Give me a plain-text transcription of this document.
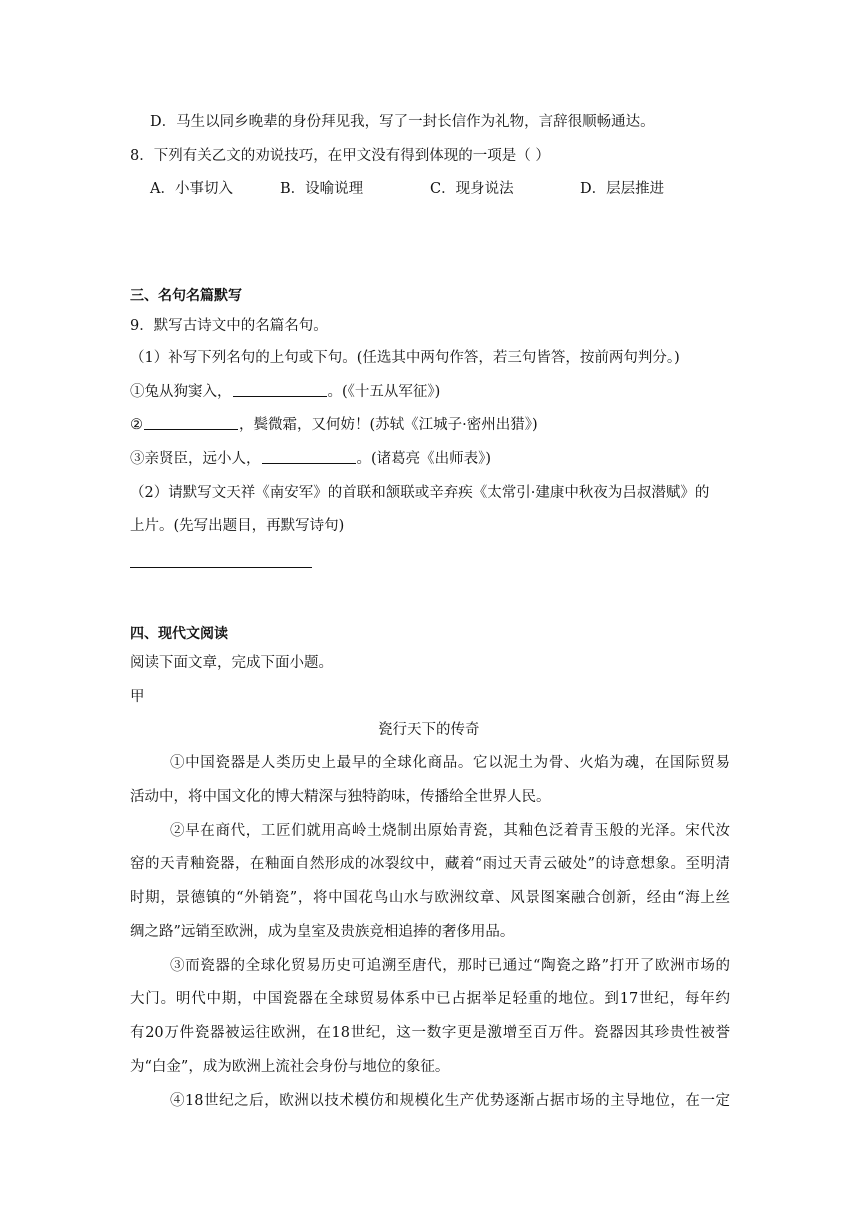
D．马生以同乡晚辈的身份拜见我，写了一封长信作为礼物，言辞很顺畅通达。
8．下列有关乙文的劝说技巧，在甲文没有得到体现的一项是（ ）
A．小事切入	B．设喻说理	C．现身说法	D．层层推进
三、名句名篇默写
9．默写古诗文中的名篇名句。
（1）补写下列名句的上句或下句。(任选其中两句作答，若三句皆答，按前两句判分。)
①兔从狗窦入，	。(《十五从军征》)
②	，鬓微霜，又何妨！(苏轼《江城子·密州出猎》)
③亲贤臣，远小人，	。(诸葛亮《出师表》)
（2）请默写文天祥《南安军》的首联和颔联或辛弃疾《太常引·建康中秋夜为吕叔潜赋》的
上片。(先写出题目，再默写诗句)
四、现代文阅读
阅读下面文章，完成下面小题。
甲
瓷行天下的传奇
①中国瓷器是人类历史上最早的全球化商品。它以泥土为骨、火焰为魂，在国际贸易
活动中，将中国文化的博大精深与独特韵味，传播给全世界人民。
②早在商代，工匠们就用高岭土烧制出原始青瓷，其釉色泛着青玉般的光泽。宋代汝
窑的天青釉瓷器，在釉面自然形成的冰裂纹中，藏着“雨过天青云破处”的诗意想象。至明清
时期，景德镇的“外销瓷”，将中国花鸟山水与欧洲纹章、风景图案融合创新，经由“海上丝
绸之路”远销至欧洲，成为皇室及贵族竞相追捧的奢侈用品。
③而瓷器的全球化贸易历史可追溯至唐代，那时已通过“陶瓷之路”打开了欧洲市场的
大门。明代中期，中国瓷器在全球贸易体系中已占据举足轻重的地位。到17世纪，每年约
有20万件瓷器被运往欧洲，在18世纪，这一数字更是激增至百万件。瓷器因其珍贵性被誉
为“白金”，成为欧洲上流社会身份与地位的象征。
④18世纪之后，欧洲以技术模仿和规模化生产优势逐渐占据市场的主导地位，在一定
